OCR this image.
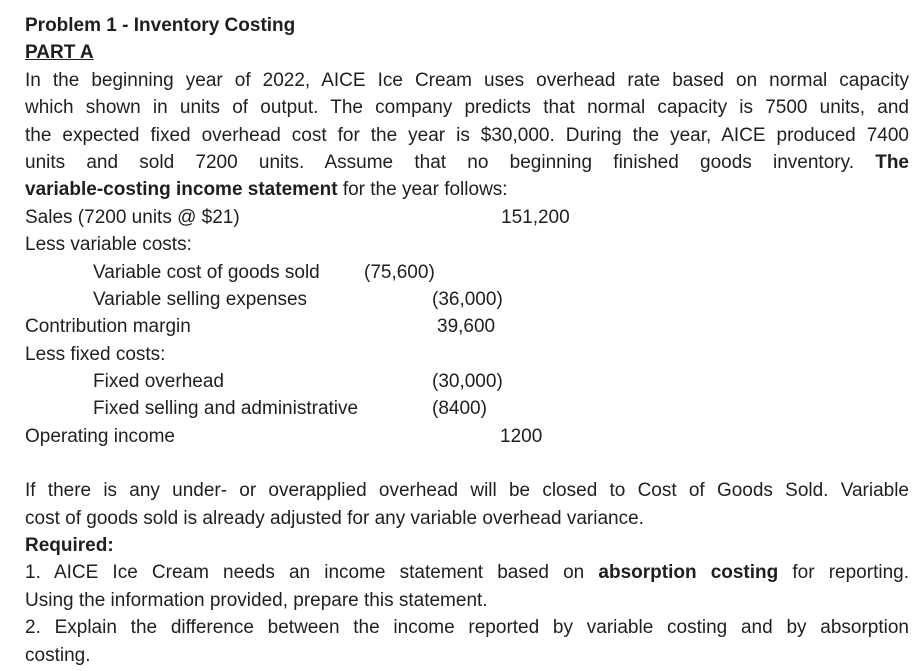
Problem 1 - Inventory Costing
PART A
In the beginning year of 2022, AICE Ice Cream uses overhead rate based on normal capacity
which shown in units of output. The company predicts that normal capacity is 7500 units, and
the expected fixed overhead cost for the year is $30,000. During the year, AICE produced 7400
units and sold 7200 units. Assume that no beginning finished goods inventory. The
variable-costing income statement for the year follows:
Sales (7200 units @ $21)	151,200
Less variable costs:
Variable cost of goods sold (75,600)
Variable selling expenses	(36,000)
Contribution margin	39,600
Less fixed costs:
Fixed overhead	(30,000)
Fixed selling and administrative	(8400)
Operating income	1200
If there is any under- or overapplied overhead will be closed to Cost of Goods Sold. Variable
cost of goods sold is already adjusted for any variable overhead variance.
Required:
1. AICE Ice Cream needs an income statement based on absorption costing for reporting.
Using the information provided, prepare this statement.
2. Explain the difference between the income reported by variable costing and by absorption
costing.
